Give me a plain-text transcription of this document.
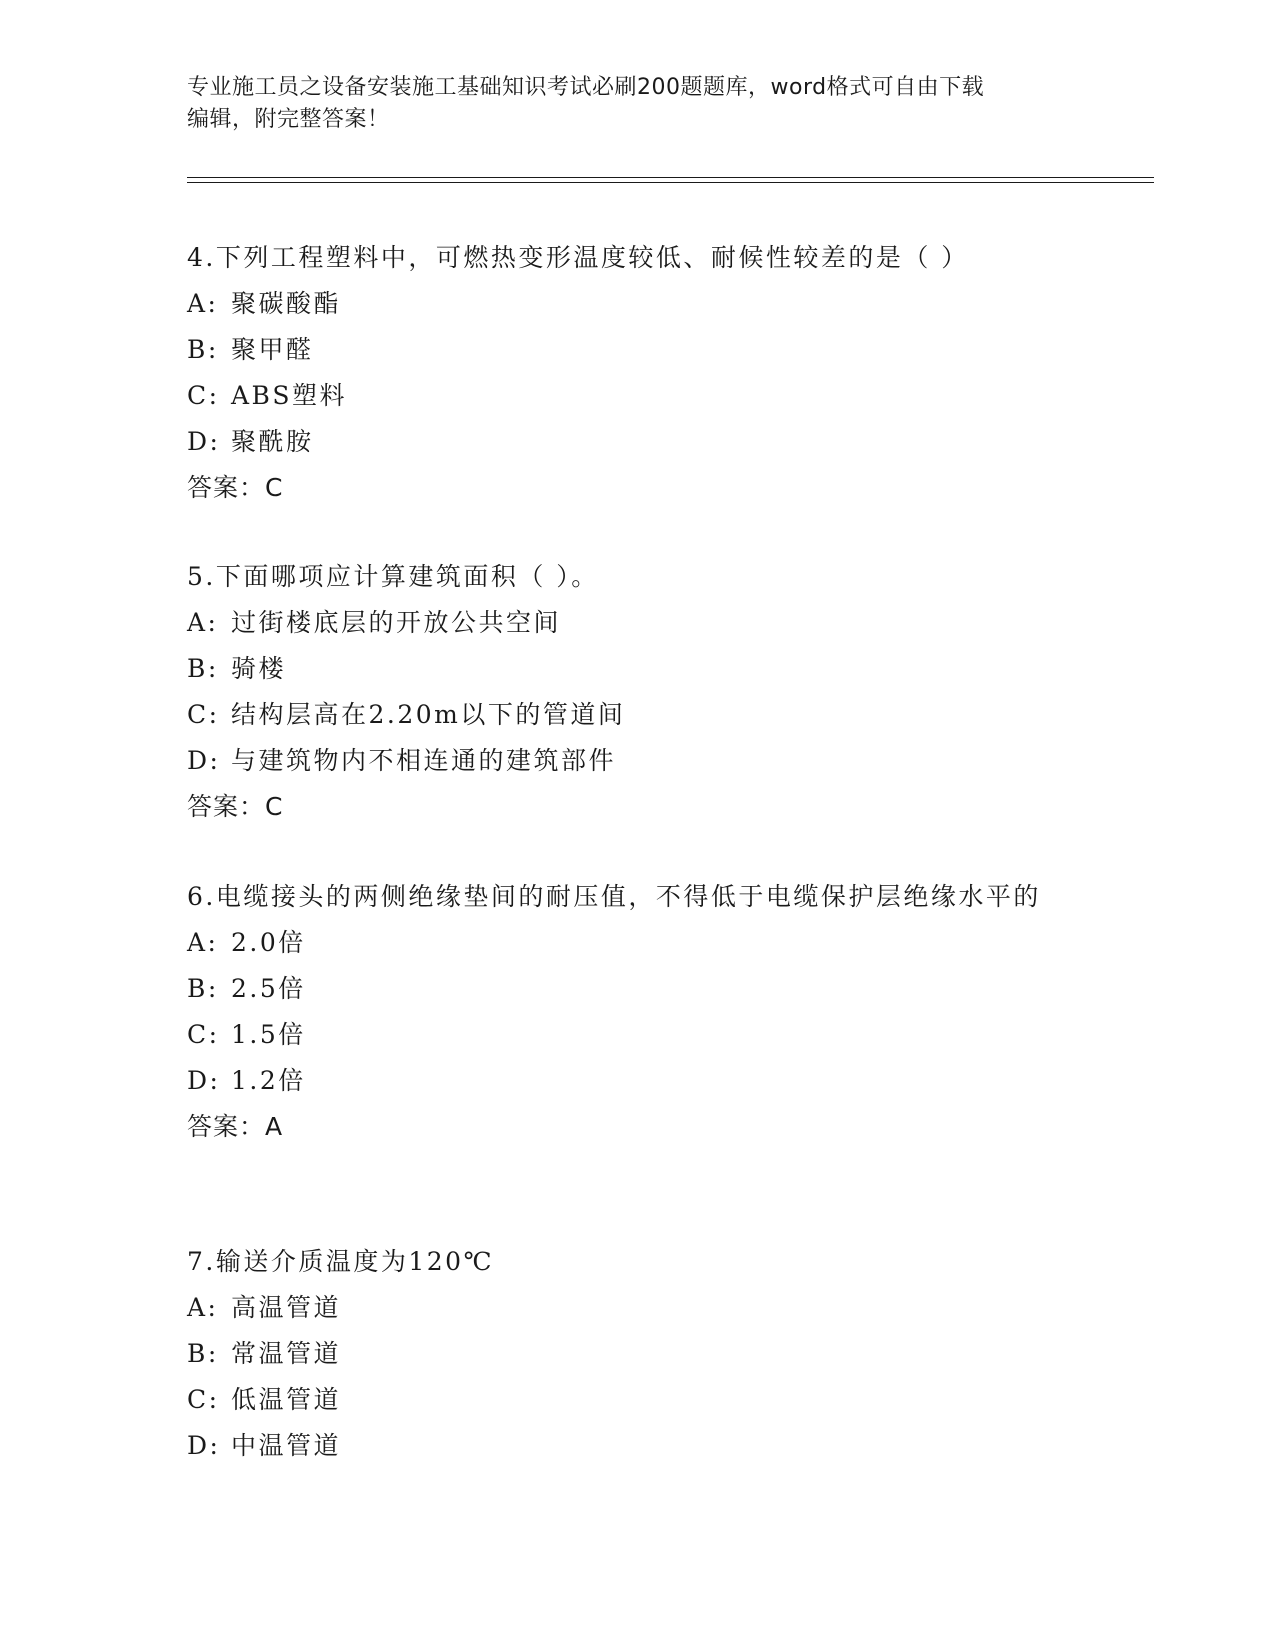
专业施工员之设备安装施工基础知识考试必刷200题题库，word格式可自由下载
编辑，附完整答案！

4.下列工程塑料中，可燃热变形温度较低、耐候性较差的是（ ）

A: 聚碳酸酯
B: 聚甲醛
C: ABS塑料
D: 聚酰胺
答案：C

5.下面哪项应计算建筑面积（ ）。

A: 过街楼底层的开放公共空间
B: 骑楼
C: 结构层高在2.20m以下的管道间
D: 与建筑物内不相连通的建筑部件
答案：C

6.电缆接头的两侧绝缘垫间的耐压值，不得低于电缆保护层绝缘水平的

A: 2.0倍
B: 2.5倍
C: 1.5倍
D: 1.2倍
答案：A

7.输送介质温度为120℃

A: 高温管道
B: 常温管道
C: 低温管道
D: 中温管道
